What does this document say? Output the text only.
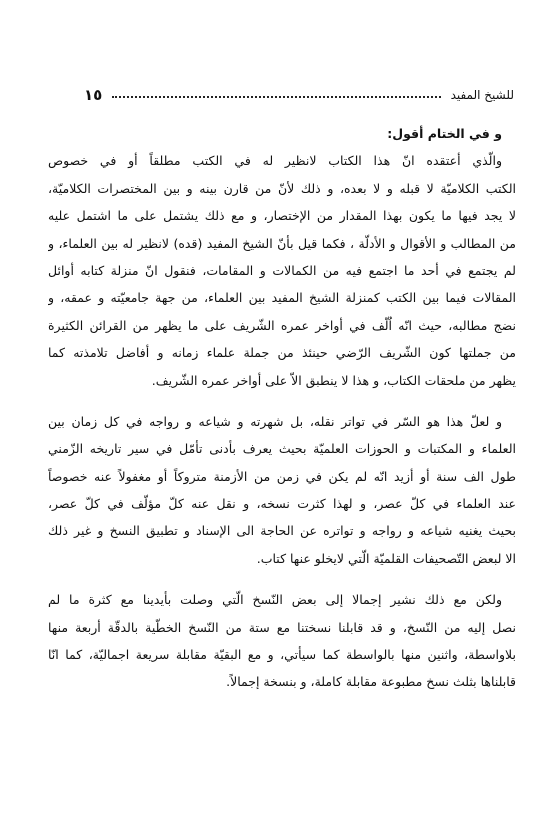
للشيخ المفيد
١٥
و في الختام أقول:
والّذي أعتقده انّ هذا الكتاب لانظير له في الكتب مطلقاً أو في خصوص
الكتب الكلاميّة لا قبله و لا بعده، و ذلك لأنّ من قارن بينه و بين المختصرات الكلاميّة،
لا يجد فيها ما يكون بهذا المقدار من الإختصار، و مع ذلك يشتمل على ما اشتمل عليه
من المطالب و الأقوال و الأدلّة ، فكما قيل بأنّ الشيخ المفيد (قده) لانظير له بين العلماء، و
لم يجتمع في أحد ما اجتمع فيه من الكمالات و المقامات، فنقول انّ منزلة كتابه أوائل
المقالات فيما بين الكتب كمنزلة الشيخ المفيد بين العلماء، من جهة جامعيّته و عمقه، و
نضج مطالبه، حيث انّه اُلّف في أواخر عمره الشّريف على ما يظهر من القرائن الكثيرة
من جملتها كون الشّريف الرّضي حينئذ من جملة علماء زمانه و أفاضل تلامذته كما
يظهر من ملحقات الكتاب، و هذا لا ينطبق الاّ على أواخر عمره الشّريف.
و لعلّ هذا هو السّر في تواتر نقله، بل شهرته و شياعه و رواجه في كل زمان بين
العلماء و المكتبات و الحوزات العلميّة بحيث يعرف بأدنى تأمّل في سير تاريخه الزّمني
طول الف سنة أو أزيد انّه لم يكن في زمن من الأزمنة متروكاً أو مغفولاً عنه خصوصاً
عند العلماء في كلّ عصر، و لهذا كثرت نسخه، و نقل عنه كلّ مؤلّف في كلّ عصر،
بحيث يغنيه شياعه و رواجه و تواتره عن الحاجة الى الإسناد و تطبيق النسخ و غير ذلك
الا لبعض التّصحيفات القلميّة الّتي لايخلو عنها كتاب.
ولكن مع ذلك نشير إجمالا إلى بعض النّسخ الّتي وصلت بأيدينا مع كثرة ما لم
نصل إليه من النّسخ، و قد قابلنا نسختنا مع ستة من النّسخ الخطّية بالدقّة أربعة منها
بلاواسطة، واثنين منها بالواسطة كما سيأتي، و مع البقيّة مقابلة سريعة اجماليّة، كما انّا
قابلناها بثلث نسخ مطبوعة مقابلة كاملة، و بنسخة إجمالاً.
